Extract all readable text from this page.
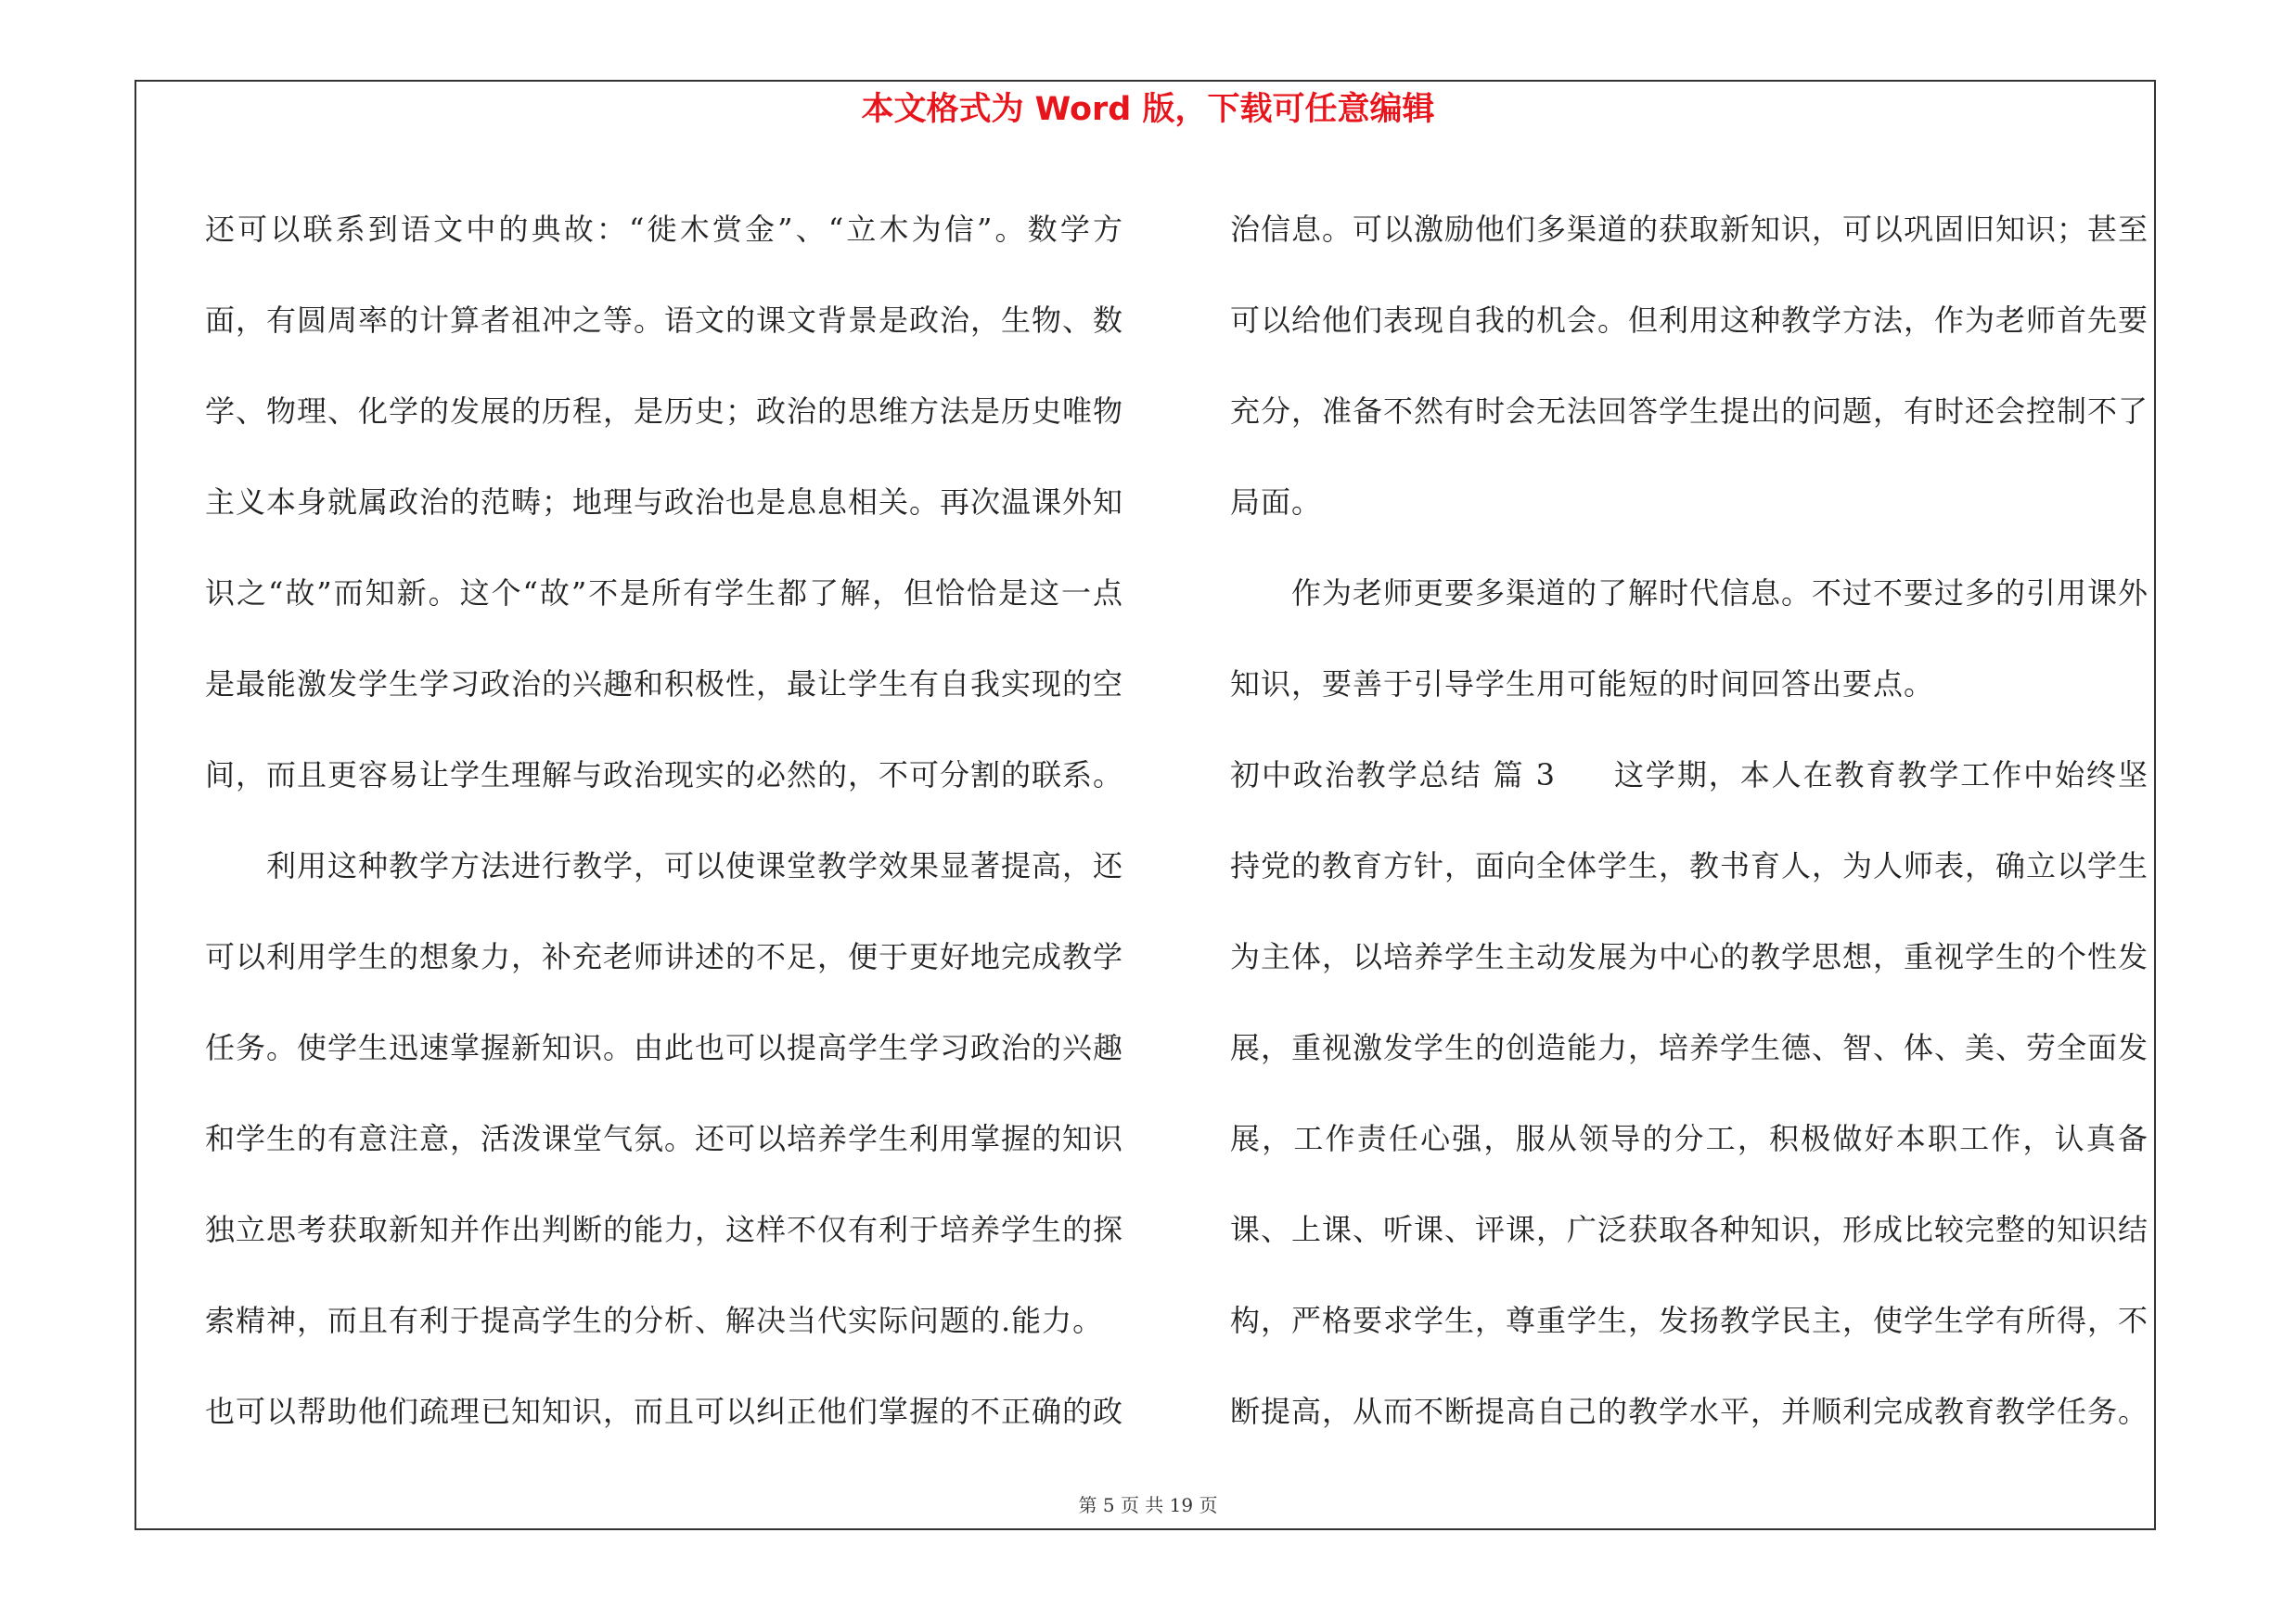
本文格式为 Word 版，下载可任意编辑

还可以联系到语文中的典故：“徙木赏金”、“立木为信”。数学方面，有圆周率的计算者祖冲之等。语文的课文背景是政治，生物、数学、物理、化学的发展的历程，是历史；政治的思维方法是历史唯物主义本身就属政治的范畴；地理与政治也是息息相关。再次温课外知识之“故”而知新。这个“故”不是所有学生都了解，但恰恰是这一点是最能激发学生学习政治的兴趣和积极性，最让学生有自我实现的空间，而且更容易让学生理解与政治现实的必然的，不可分割的联系。

利用这种教学方法进行教学，可以使课堂教学效果显著提高，还可以利用学生的想象力，补充老师讲述的不足，便于更好地完成教学任务。使学生迅速掌握新知识。由此也可以提高学生学习政治的兴趣和学生的有意注意，活泼课堂气氛。还可以培养学生利用掌握的知识独立思考获取新知并作出判断的能力，这样不仅有利于培养学生的探索精神，而且有利于提高学生的分析、解决当代实际问题的.能力。

也可以帮助他们疏理已知知识，而且可以纠正他们掌握的不正确的政

治信息。可以激励他们多渠道的获取新知识，可以巩固旧知识；甚至可以给他们表现自我的机会。但利用这种教学方法，作为老师首先要充分，准备不然有时会无法回答学生提出的问题，有时还会控制不了局面。

作为老师更要多渠道的了解时代信息。不过不要过多的引用课外知识，要善于引导学生用可能短的时间回答出要点。

初中政治教学总结 篇 3 这学期，本人在教育教学工作中始终坚持党的教育方针，面向全体学生，教书育人，为人师表，确立以学生为主体，以培养学生主动发展为中心的教学思想，重视学生的个性发展，重视激发学生的创造能力，培养学生德、智、体、美、劳全面发展，工作责任心强，服从领导的分工，积极做好本职工作，认真备课、上课、听课、评课，广泛获取各种知识，形成比较完整的知识结构，严格要求学生，尊重学生，发扬教学民主，使学生学有所得，不断提高，从而不断提高自己的教学水平，并顺利完成教育教学任务。

第 5 页 共 19 页
